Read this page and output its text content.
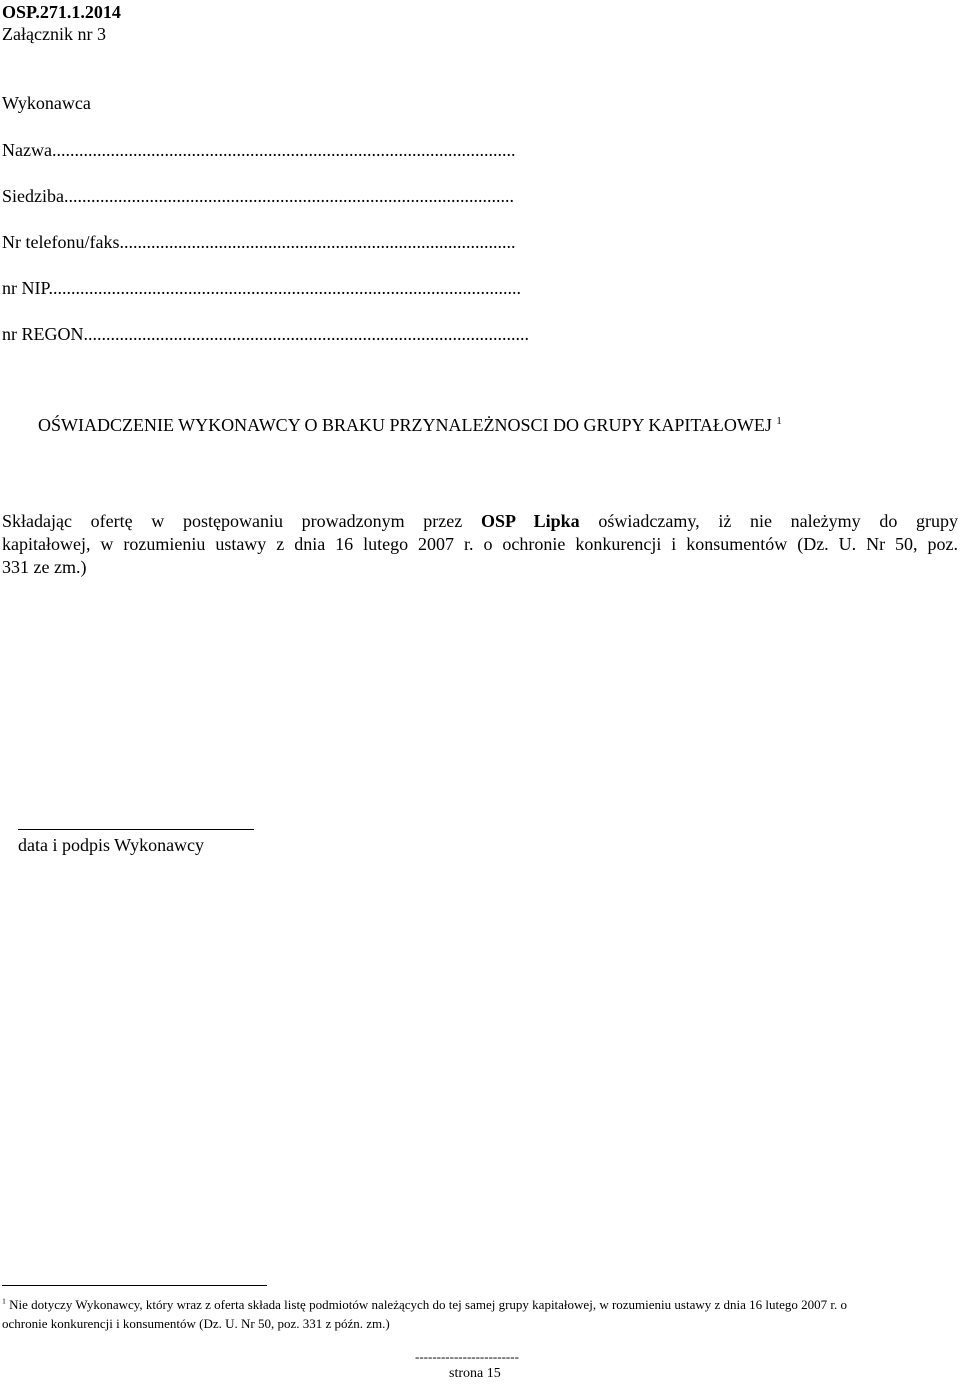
OSP.271.1.2014
Załącznik nr 3
Wykonawca
Nazwa.......................................................................................................
Siedziba....................................................................................................
Nr telefonu/faks........................................................................................
nr NIP.........................................................................................................
nr REGON...................................................................................................
OŚWIADCZENIE WYKONAWCY O BRAKU PRZYNALEŻNOSCI DO GRUPY KAPITAŁOWEJ $^1$
Składając ofertę w postępowaniu prowadzonym przez OSP Lipka oświadczamy, iż nie należymy do grupy
kapitałowej, w rozumieniu ustawy z dnia 16 lutego 2007 r. o ochronie konkurencji i konsumentów (Dz. U. Nr 50, poz.
331 ze zm.)
data i podpis Wykonawcy
$^1$ Nie dotyczy Wykonawcy, który wraz z oferta składa listę podmiotów należących do tej samej grupy kapitałowej, w rozumieniu ustawy z dnia 16 lutego 2007 r. o
ochronie konkurencji i konsumentów (Dz. U. Nr 50, poz. 331 z późn. zm.)
------------------------
strona 15
